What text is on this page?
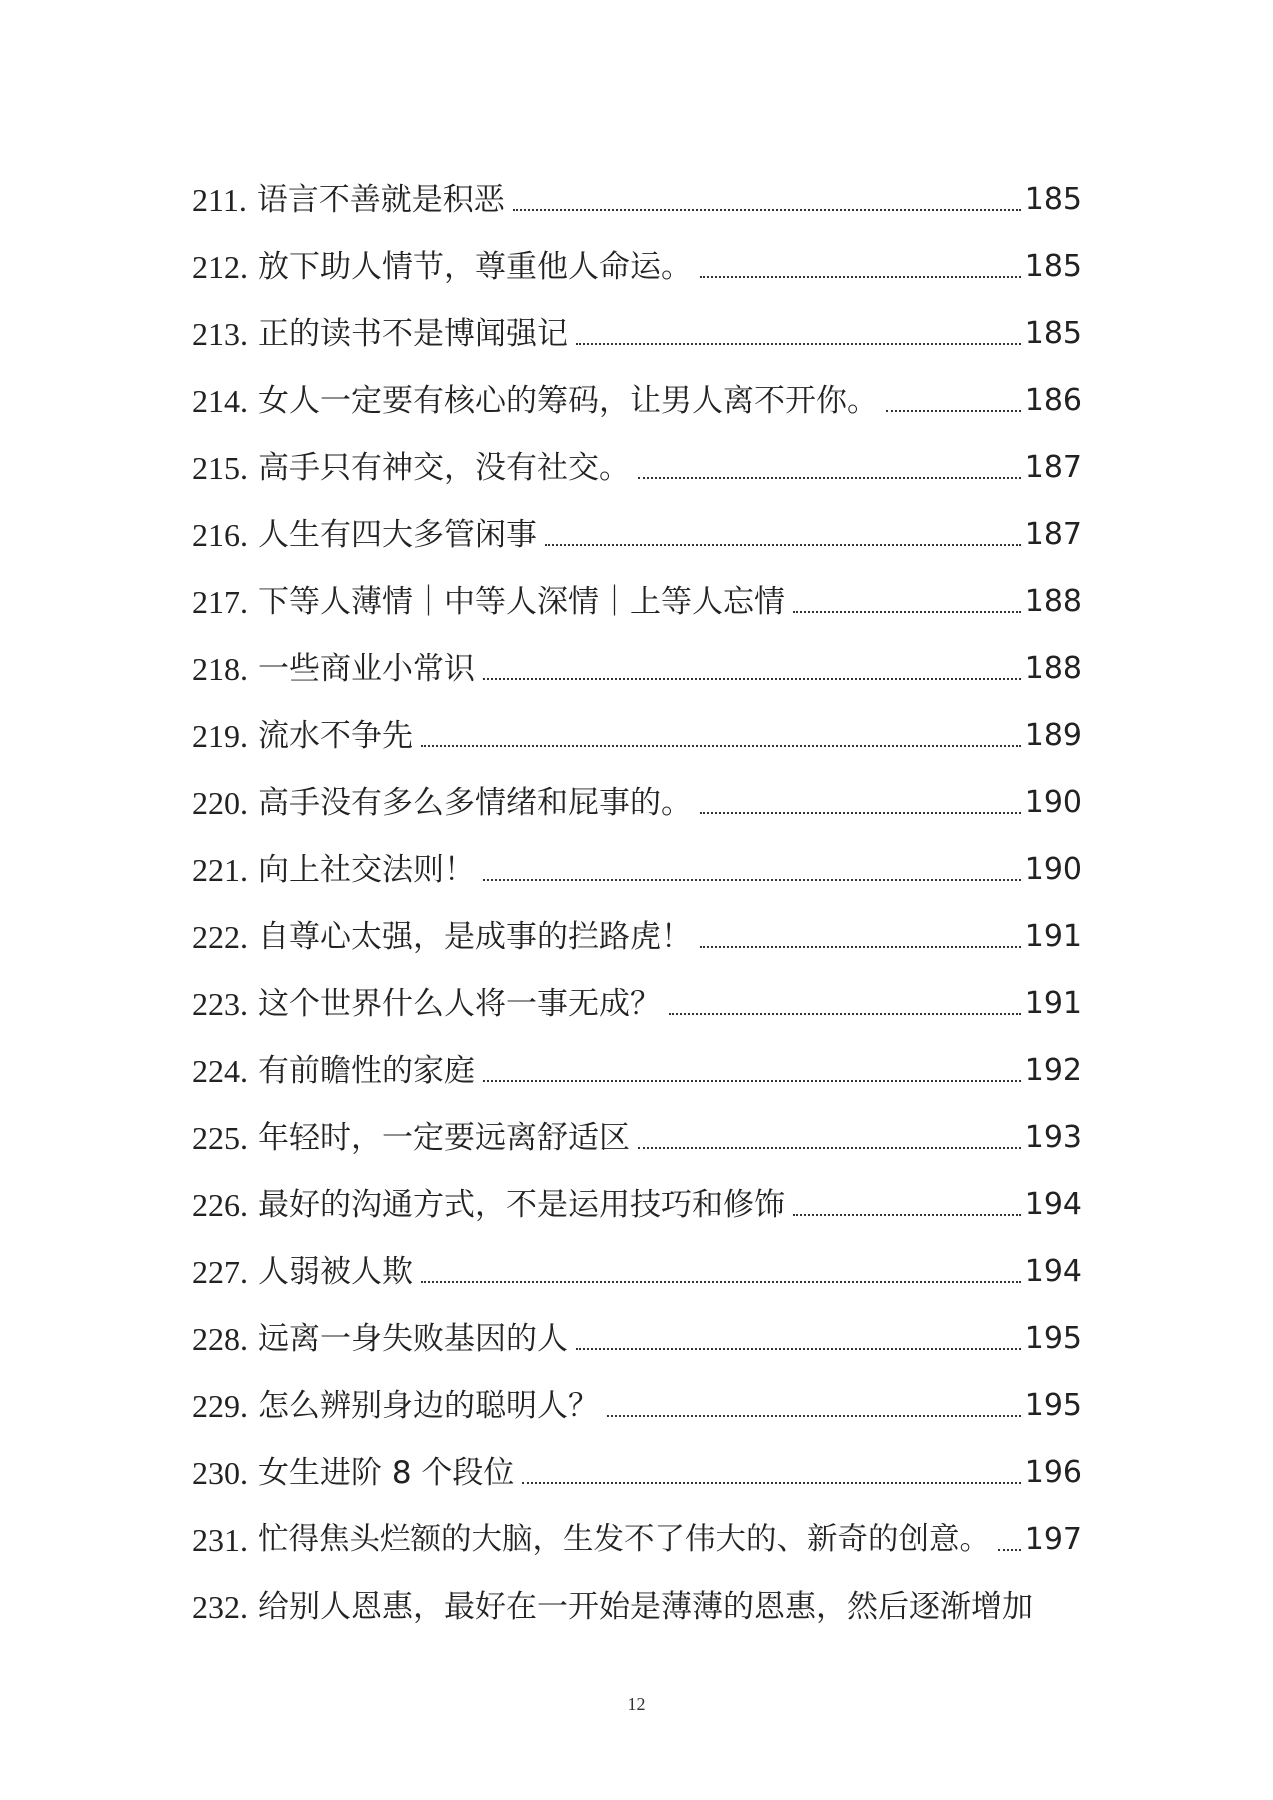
211. 语言不善就是积恶	185
212. 放下助人情节，尊重他人命运。	185
213. 正的读书不是博闻强记	185
214. 女人一定要有核心的筹码，让男人离不开你。	186
215. 高手只有神交，没有社交。	187
216. 人生有四大多管闲事	187
217. 下等人薄情｜中等人深情｜上等人忘情	188
218. 一些商业小常识	188
219. 流水不争先	189
220. 高手没有多么多情绪和屁事的。	190
221. 向上社交法则！	190
222. 自尊心太强，是成事的拦路虎！	191
223. 这个世界什么人将一事无成？	191
224. 有前瞻性的家庭	192
225. 年轻时，一定要远离舒适区	193
226. 最好的沟通方式，不是运用技巧和修饰	194
227. 人弱被人欺	194
228. 远离一身失败基因的人	195
229. 怎么辨别身边的聪明人？	195
230. 女生进阶 8 个段位	196
231. 忙得焦头烂额的大脑，生发不了伟大的、新奇的创意。 197
232. 给别人恩惠，最好在一开始是薄薄的恩惠，然后逐渐增加
12
